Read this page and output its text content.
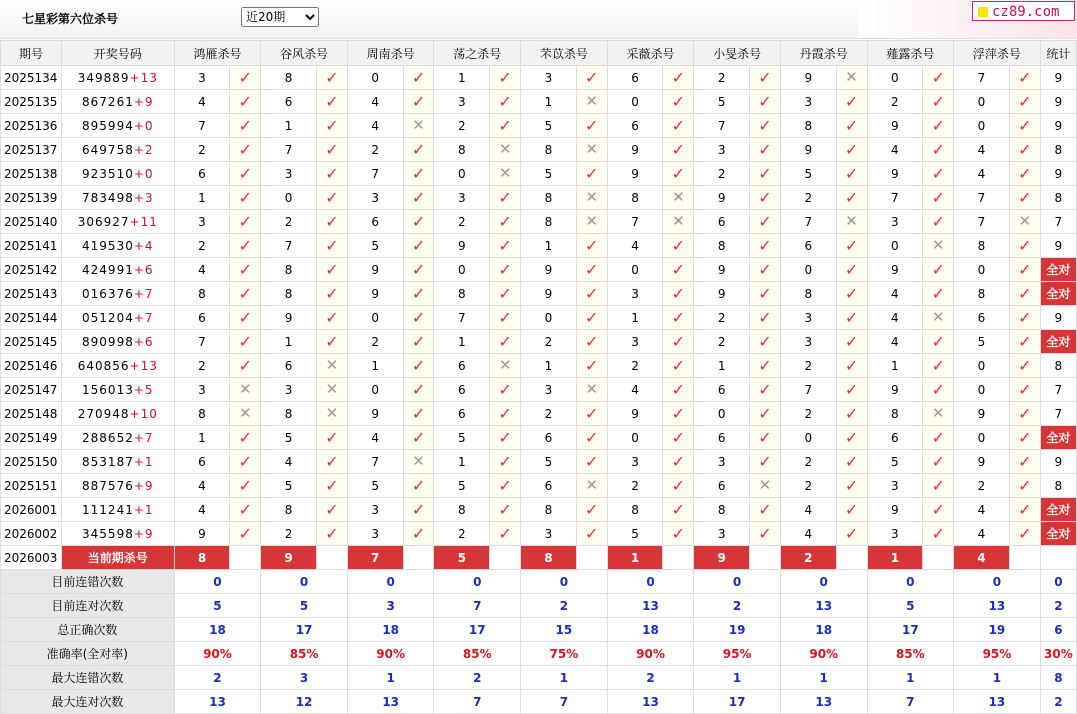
七星彩第六位杀号
近20期	cz89.com
期号	开奖号码	鸿雁杀号		谷风杀号		周南杀号		荡之杀号		芣苡杀号		采薇杀号		小旻杀号		丹霞杀号		薤露杀号		浮萍杀号		统计
2025134	349889+13	3	✓	8	✓	0	✓	1	✓	3	✓	6	✓	2	✓	9	✕	0	✓	7	✓	9
2025135	867261+9	4	✓	6	✓	4	✓	3	✓	1	✕	0	✓	5	✓	3	✓	2	✓	0	✓	9
2025136	895994+0	7	✓	1	✓	4	✕	2	✓	5	✓	6	✓	7	✓	8	✓	9	✓	0	✓	9
2025137	649758+2	2	✓	7	✓	2	✓	8	✕	8	✕	9	✓	3	✓	9	✓	4	✓	4	✓	8
2025138	923510+0	6	✓	3	✓	7	✓	0	✕	5	✓	9	✓	2	✓	5	✓	9	✓	4	✓	9
2025139	783498+3	1	✓	0	✓	3	✓	3	✓	8	✕	8	✕	9	✓	2	✓	7	✓	7	✓	8
2025140	306927+11	3	✓	2	✓	6	✓	2	✓	8	✕	7	✕	6	✓	7	✕	3	✓	7	✕	7
2025141	419530+4	2	✓	7	✓	5	✓	9	✓	1	✓	4	✓	8	✓	6	✓	0	✕	8	✓	9
2025142	424991+6	4	✓	8	✓	9	✓	0	✓	9	✓	0	✓	9	✓	0	✓	9	✓	0	✓	全对
2025143	016376+7	8	✓	8	✓	9	✓	8	✓	9	✓	3	✓	9	✓	8	✓	4	✓	8	✓	全对
2025144	051204+7	6	✓	9	✓	0	✓	7	✓	0	✓	1	✓	2	✓	3	✓	4	✕	6	✓	9
2025145	890998+6	7	✓	1	✓	2	✓	1	✓	2	✓	3	✓	2	✓	3	✓	4	✓	5	✓	全对
2025146	640856+13	2	✓	6	✕	1	✓	6	✕	1	✓	2	✓	1	✓	2	✓	1	✓	0	✓	8
2025147	156013+5	3	✕	3	✕	0	✓	6	✓	3	✕	4	✓	6	✓	7	✓	9	✓	0	✓	7
2025148	270948+10	8	✕	8	✕	9	✓	6	✓	2	✓	9	✓	0	✓	2	✓	8	✕	9	✓	7
2025149	288652+7	1	✓	5	✓	4	✓	5	✓	6	✓	0	✓	6	✓	0	✓	6	✓	0	✓	全对
2025150	853187+1	6	✓	4	✓	7	✕	1	✓	5	✓	3	✓	3	✓	2	✓	5	✓	9	✓	9
2025151	887576+9	4	✓	5	✓	5	✓	5	✓	6	✕	2	✓	6	✕	2	✓	3	✓	2	✓	8
2026001	111241+1	4	✓	8	✓	3	✓	8	✓	8	✓	8	✓	8	✓	4	✓	9	✓	4	✓	全对
2026002	345598+9	9	✓	2	✓	3	✓	2	✓	3	✓	5	✓	3	✓	4	✓	3	✓	4	✓	全对
2026003	当前期杀号	8		9		7		5		8		1		9		2		1		4		
目前连错次数		0		0		0		0		0		0		0		0		0		0		0
目前连对次数		5		5		3		7		2		13		2		13		5		13		2
总正确次数		18		17		18		17		15		18		19		18		17		19		6
准确率(全对率)		90%		85%		90%		85%		75%		90%		95%		90%		85%		95%		30%
最大连错次数		2		3		1		2		1		2		1		1		1		1		8
最大连对次数		13		12		13		7		7		13		17		13		7		13		2
